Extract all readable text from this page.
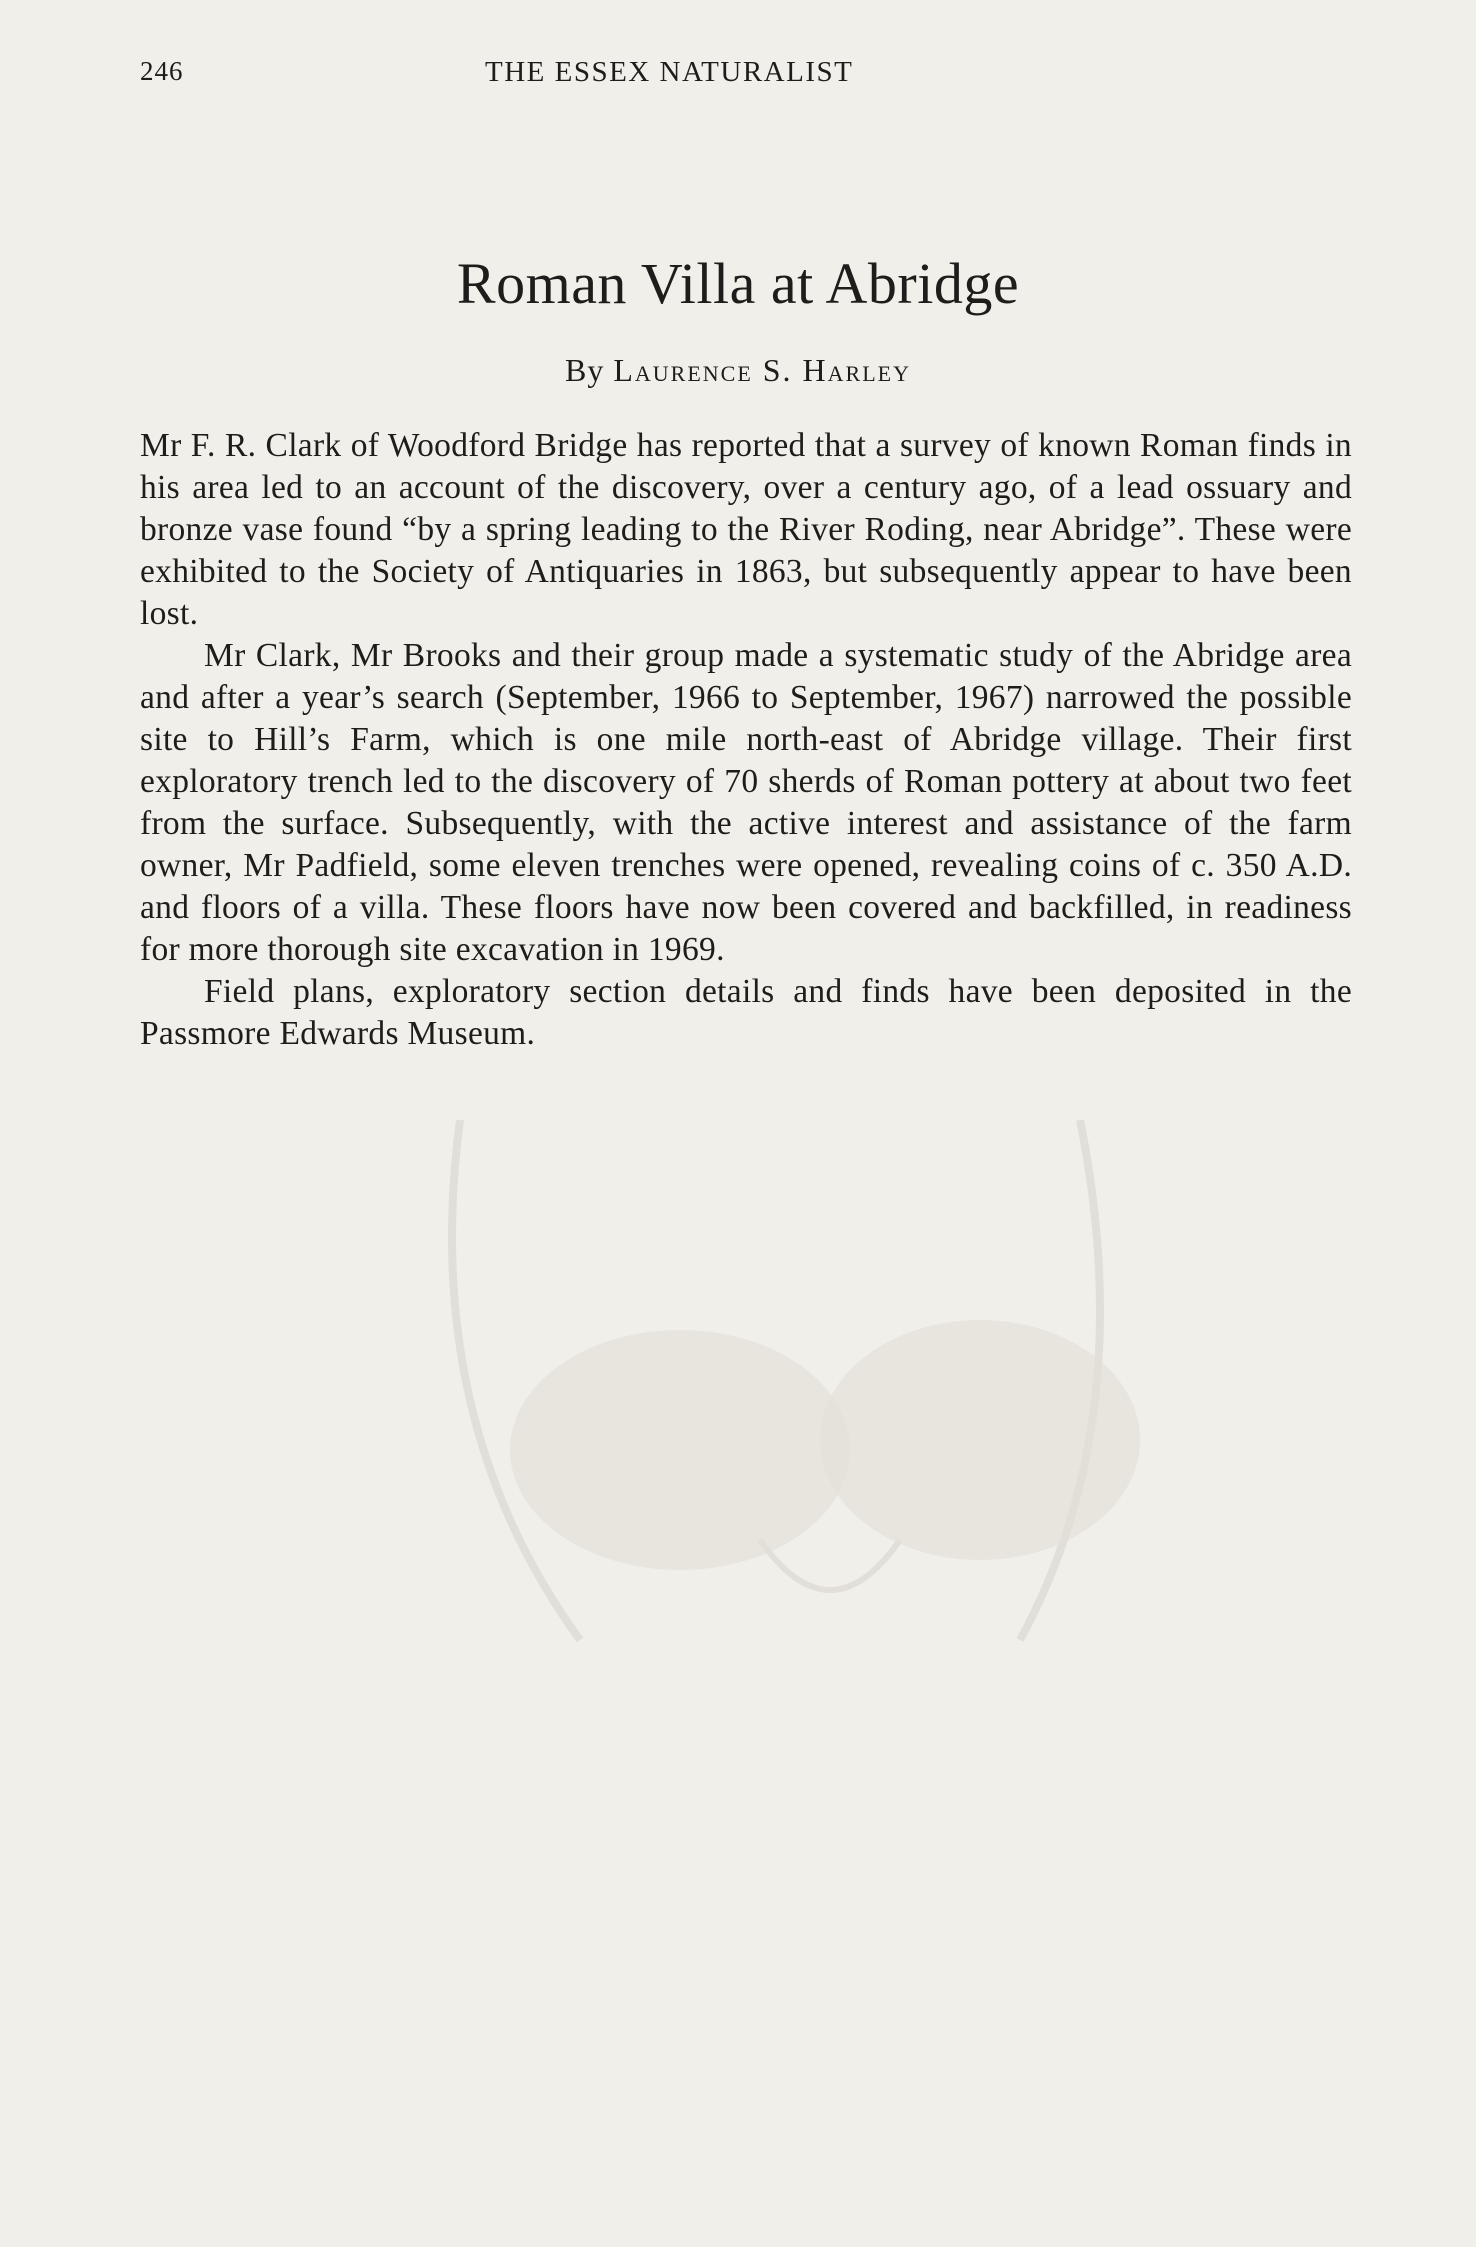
246	THE ESSEX NATURALIST
Roman Villa at Abridge
By Laurence S. Harley

Mr F. R. Clark of Woodford Bridge has reported that a survey of known Roman finds in his area led to an account of the discovery, over a century ago, of a lead ossuary and bronze vase found “by a spring leading to the River Roding, near Abridge”. These were exhibited to the Society of Antiquaries in 1863, but subsequently appear to have been lost.

Mr Clark, Mr Brooks and their group made a systematic study of the Abridge area and after a year’s search (September, 1966 to September, 1967) narrowed the possible site to Hill’s Farm, which is one mile north-east of Abridge village. Their first exploratory trench led to the discovery of 70 sherds of Roman pottery at about two feet from the surface. Subsequently, with the active interest and assistance of the farm owner, Mr Padfield, some eleven trenches were opened, revealing coins of c. 350 A.D. and floors of a villa. These floors have now been covered and backfilled, in readiness for more thorough site excavation in 1969.

Field plans, exploratory section details and finds have been deposited in the Passmore Edwards Museum.
